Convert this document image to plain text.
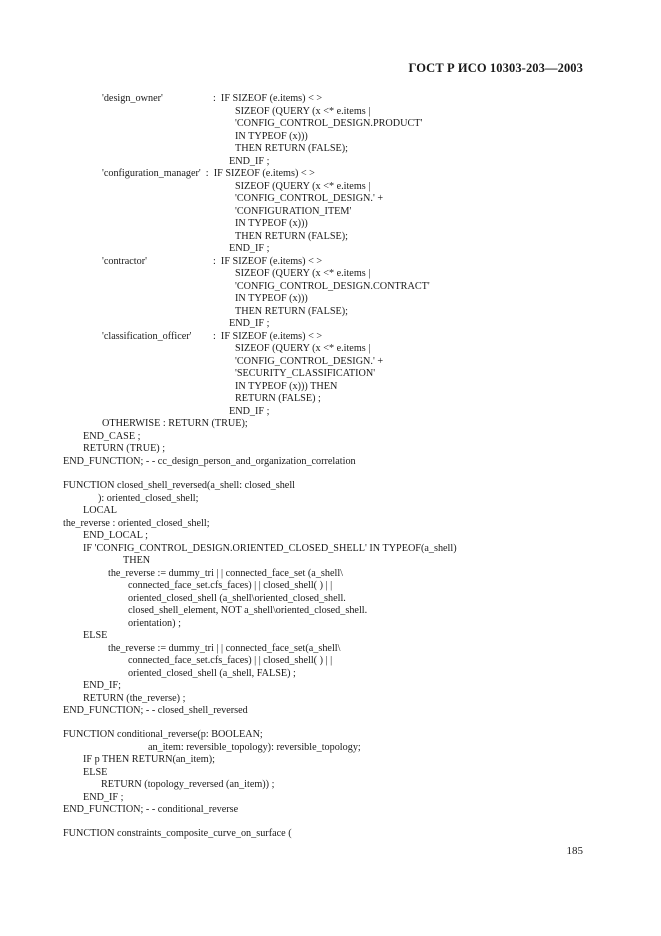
ГОСТ Р ИСО 10303-203—2003
'design_owner'	:  IF SIZEOF (e.items) < >
SIZEOF (QUERY (x <* e.items |
'CONFIG_CONTROL_DESIGN.PRODUCT'
IN TYPEOF (x)))
THEN RETURN (FALSE);
END_IF ;
'configuration_manager'  :  IF SIZEOF (e.items) < >
SIZEOF (QUERY (x <* e.items |
'CONFIG_CONTROL_DESIGN.' +
'CONFIGURATION_ITEM'
IN TYPEOF (x)))
THEN RETURN (FALSE);
END_IF ;
'contractor'	:  IF SIZEOF (e.items) < >
SIZEOF (QUERY (x <* e.items |
'CONFIG_CONTROL_DESIGN.CONTRACT'
IN TYPEOF (x)))
THEN RETURN (FALSE);
END_IF ;
'classification_officer' :  IF SIZEOF (e.items) < >
SIZEOF (QUERY (x <* e.items |
'CONFIG_CONTROL_DESIGN.' +
'SECURITY_CLASSIFICATION'
IN TYPEOF (x))) THEN
RETURN (FALSE) ;
END_IF ;
OTHERWISE : RETURN (TRUE);
END_CASE ;
RETURN (TRUE) ;
END_FUNCTION; - - cc_design_person_and_organization_correlation
FUNCTION closed_shell_reversed(a_shell: closed_shell
): oriented_closed_shell;
LOCAL
the_reverse : oriented_closed_shell;
END_LOCAL ;
IF 'CONFIG_CONTROL_DESIGN.ORIENTED_CLOSED_SHELL' IN TYPEOF(a_shell)
THEN
the_reverse := dummy_tri | | connected_face_set (a_shell\
connected_face_set.cfs_faces) | | closed_shell( ) | |
oriented_closed_shell (a_shell\oriented_closed_shell.
closed_shell_element, NOT a_shell\oriented_closed_shell.
orientation) ;
ELSE
the_reverse := dummy_tri | | connected_face_set(a_shell\
connected_face_set.cfs_faces) | | closed_shell( ) | |
oriented_closed_shell (a_shell, FALSE) ;
END_IF;
RETURN (the_reverse) ;
END_FUNCTION; - - closed_shell_reversed
FUNCTION conditional_reverse(p: BOOLEAN;
an_item: reversible_topology): reversible_topology;
IF p THEN RETURN(an_item);
ELSE
RETURN (topology_reversed (an_item)) ;
END_IF ;
END_FUNCTION; - - conditional_reverse
FUNCTION constraints_composite_curve_on_surface (
185
